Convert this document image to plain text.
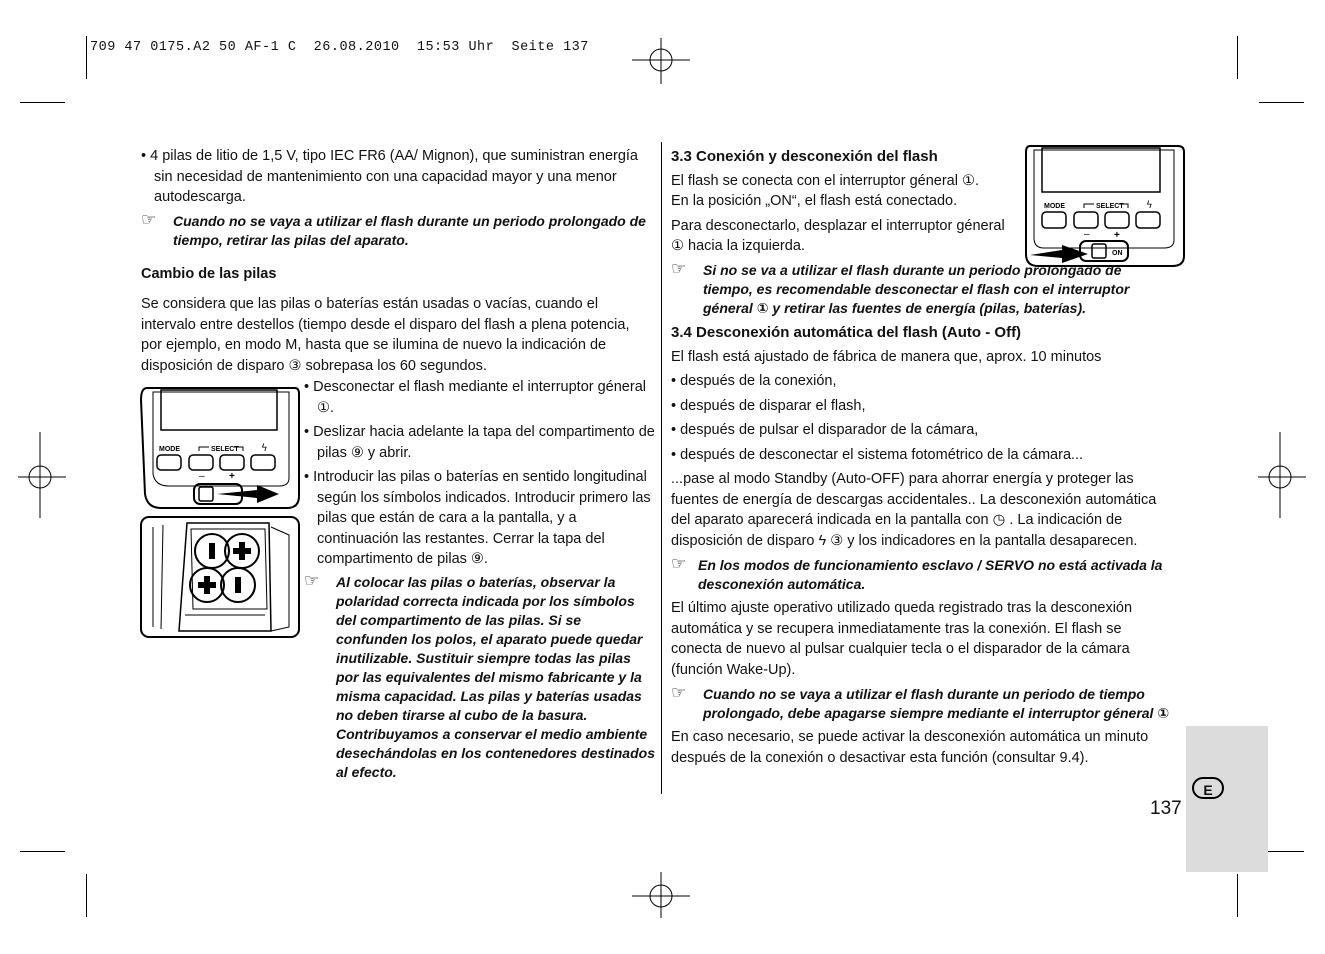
709 47 0175.A2 50 AF-1 C  26.08.2010  15:53 Uhr  Seite 137

• 4 pilas de litio de 1,5 V, tipo IEC FR6 (AA/ Mignon), que suministran energía sin necesidad de mantenimiento con una capacidad mayor y una menor autodescarga.

☞ Cuando no se vaya a utilizar el flash durante un periodo prolongado de tiempo, retirar las pilas del aparato.
Cambio de las pilas

Se considera que las pilas o baterías están usadas o vacías, cuando el intervalo entre destellos (tiempo desde el disparo del flash a plena potencia, por ejemplo, en modo M, hasta que se ilumina de nuevo la indicación de disposición de disparo ③ sobrepasa los 60 segundos.

MODE	SELECT ϟ
– +

• Desconectar el flash mediante el interruptor géneral ①.

• Deslizar hacia adelante la tapa del compartimento de pilas ⑨ y abrir.

• Introducir las pilas o baterías en sentido longitudinal según los símbolos indicados. Introducir primero las pilas que están de cara a la pantalla, y a continuación las restantes. Cerrar la tapa del compartimento de pilas ⑨.

☞ Al colocar las pilas o baterías, observar la polaridad correcta indicada por los símbolos del compartimento de las pilas. Si se confunden los polos, el aparato puede quedar inutilizable. Sustituir siempre todas las pilas por las equivalentes del mismo fabricante y la misma capacidad. Las pilas y baterías usadas no deben tirarse al cubo de la basura. Contribuyamos a conservar el medio ambiente desechándolas en los contenedores destinados al efecto.
MODE	SELECT ϟ
– +
ON
3.3 Conexión y desconexión del flash
El flash se conecta con el interruptor géneral ①.
En la posición „ON“, el flash está conectado.
Para desconectarlo, desplazar el interruptor géneral ① hacia la izquierda.
☞ Si no se va a utilizar el flash durante un periodo prolongado de tiempo, es recomendable desconectar el flash con el interruptor géneral ① y retirar las fuentes de energía (pilas, baterías).
3.4 Desconexión automática del flash (Auto - Off)
El flash está ajustado de fábrica de manera que, aprox. 10 minutos
• después de la conexión,
• después de disparar el flash,
• después de pulsar el disparador de la cámara,
• después de desconectar el sistema fotométrico de la cámara...
...pase al modo Standby (Auto-OFF) para ahorrar energía y proteger las fuentes de energía de descargas accidentales.. La desconexión automática del aparato aparecerá indicada en la pantalla con ◷ . La indicación de disposición de disparo ϟ ③ y los indicadores en la pantalla desaparecen.
☞ En los modos de funcionamiento esclavo / SERVO no está activada la desconexión automática.
El último ajuste operativo utilizado queda registrado tras la desconexión automática y se recupera inmediatamente tras la conexión. El flash se conecta de nuevo al pulsar cualquier tecla o el disparador de la cámara (función Wake-Up).
☞ Cuando no se vaya a utilizar el flash durante un periodo de tiempo prolongado, debe apagarse siempre mediante el interruptor géneral ①
En caso necesario, se puede activar la desconexión automática un minuto después de la conexión o desactivar esta función (consultar 9.4).
E
137
